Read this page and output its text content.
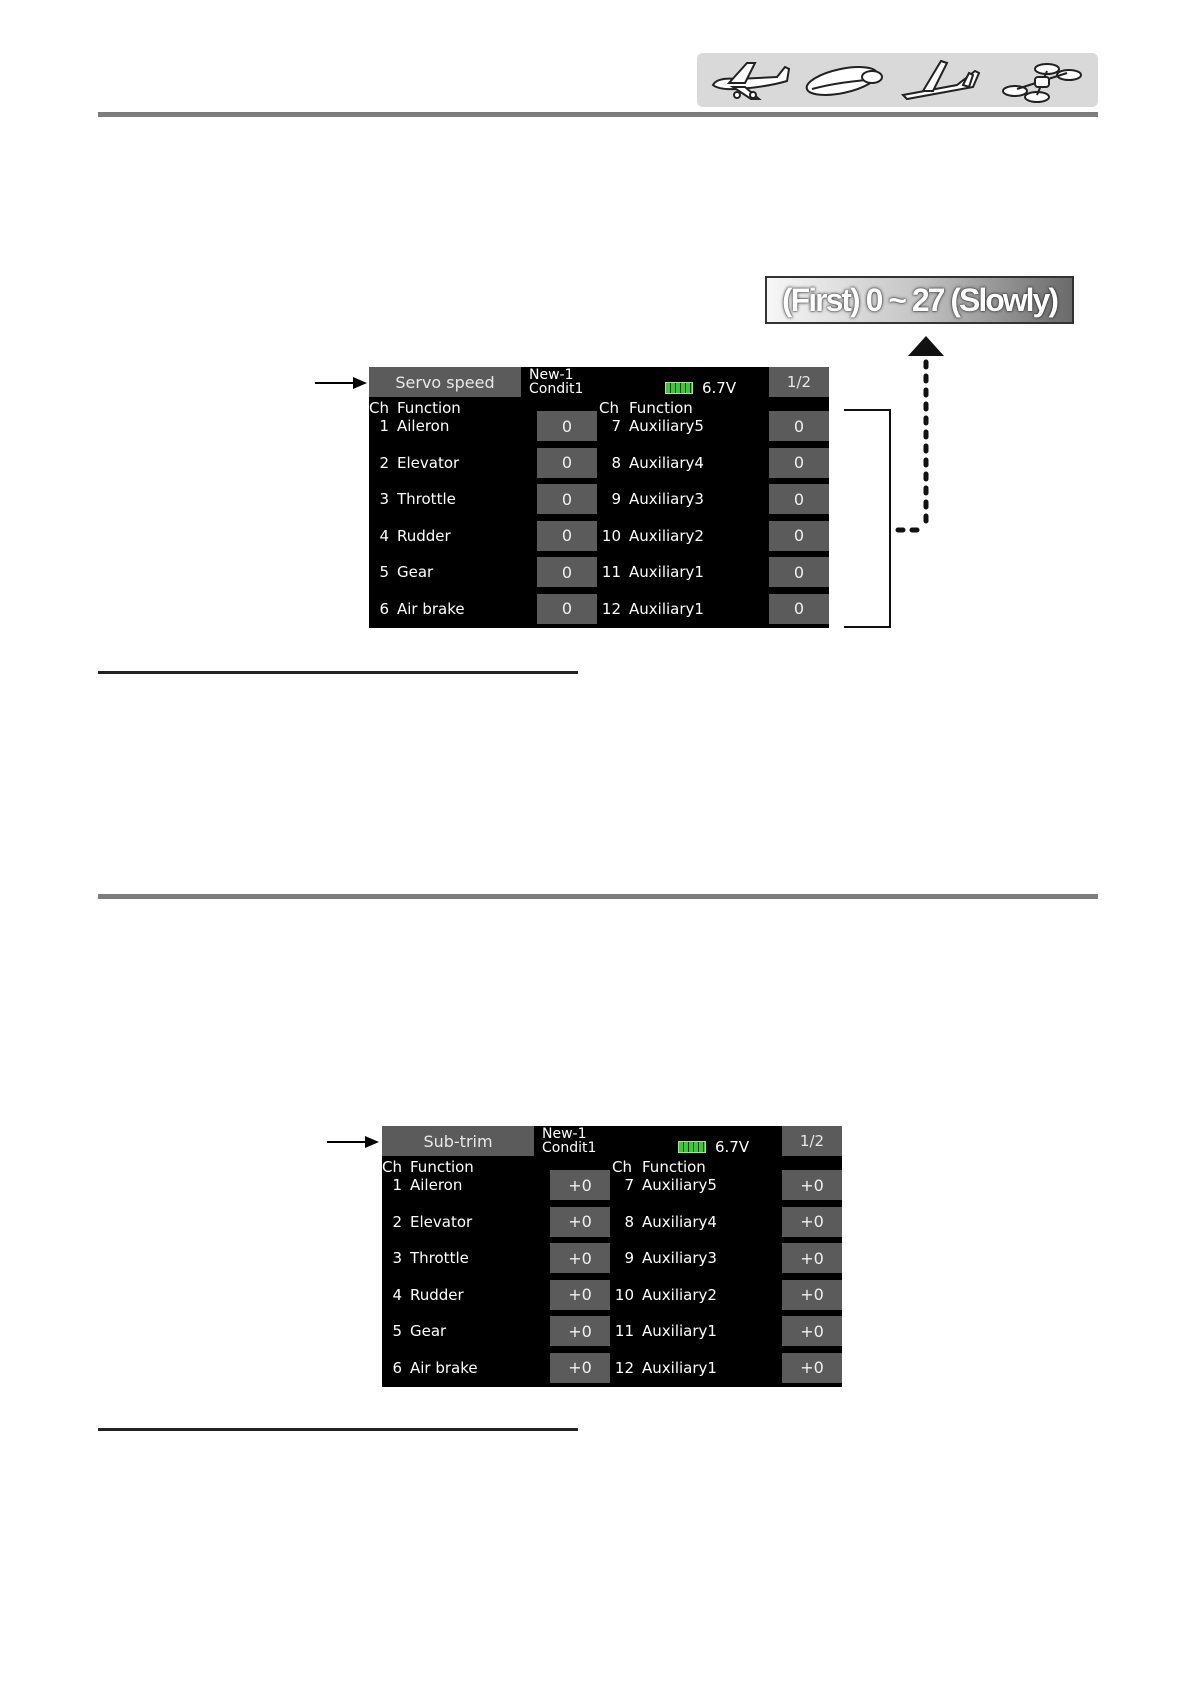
(First) 0 ~ 27 (Slowly)
Servo speed	New-1
Condit1	6.7V	1/2
Ch Function	Ch Function
1 Aileron	0	7 Auxiliary5	0
2 Elevator	0	8 Auxiliary4	0
3 Throttle	0	9 Auxiliary3	0
4 Rudder	0	10 Auxiliary2	0
5 Gear	0	11 Auxiliary1	0
6 Air brake	0	12 Auxiliary1	0
Sub-trim	New-1
Condit1	6.7V	1/2
Ch Function	Ch Function
1 Aileron	+0	7 Auxiliary5	+0
2 Elevator	+0	8 Auxiliary4	+0
3 Throttle	+0	9 Auxiliary3	+0
4 Rudder	+0	10 Auxiliary2	+0
5 Gear	+0	11 Auxiliary1	+0
6 Air brake	+0	12 Auxiliary1	+0
